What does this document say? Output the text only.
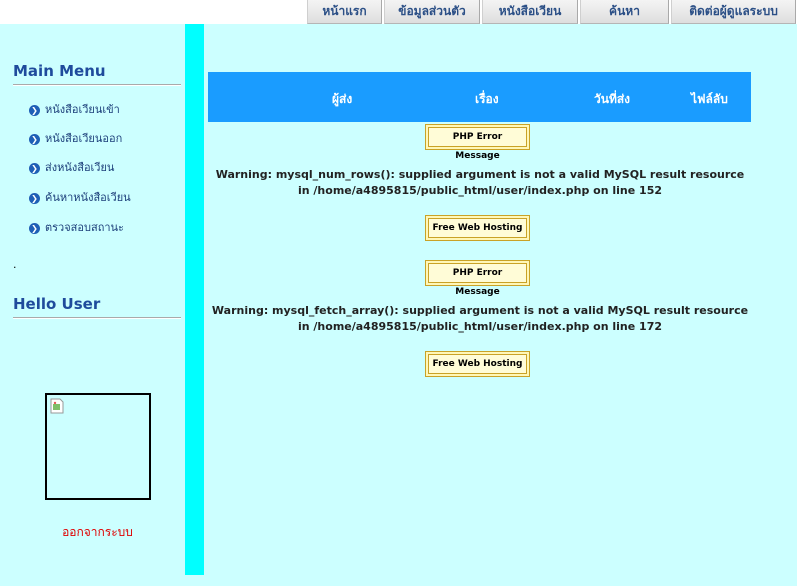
หน้าแรก	ข้อมูลส่วนตัว	หนังสือเวียน	ค้นหา	ติดต่อผู้ดูแลระบบ
Main Menu
❯ หนังสือเวียนเข้า
❯ หนังสือเวียนออก
❯ ส่งหนังสือเวียน
❯ ค้นหาหนังสือเวียน
❯ ตรวจสอบสถานะ
.
Hello User
ออกจากระบบ
ผู้ส่ง	เรื่อง	วันที่ส่ง	ไฟล์ลับ
PHP Error Message
Warning: mysql_num_rows(): supplied argument is not a valid MySQL result resource
in /home/a4895815/public_html/user/index.php on line 152
Free Web Hosting
PHP Error Message
Warning: mysql_fetch_array(): supplied argument is not a valid MySQL result resource
in /home/a4895815/public_html/user/index.php on line 172
Free Web Hosting
